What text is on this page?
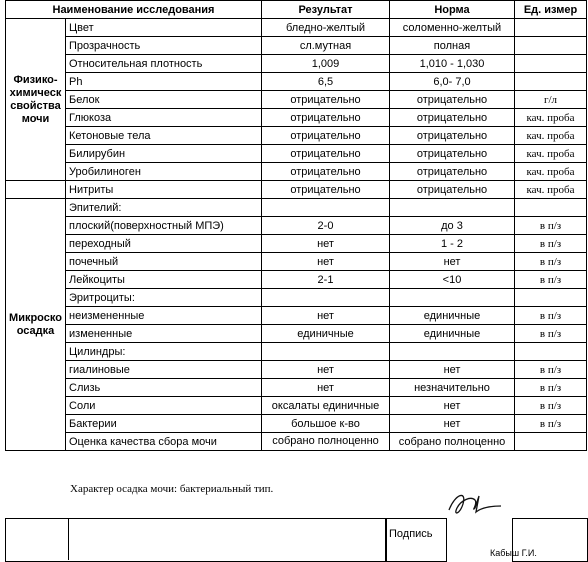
Наименование исследования		Результат	Норма	Ед. измер
Физико-химическ свойства мочи	Цвет	бледно-желтый	соломенно-желтый	
	Прозрачность	сл.мутная	полная	
	Относительная плотность	1,009	1,010 - 1,030	
	Ph	6,5	6,0- 7,0	
	Белок	отрицательно	отрицательно	г/л
	Глюкоза	отрицательно	отрицательно	кач. проба
	Кетоновые тела	отрицательно	отрицательно	кач. проба
	Билирубин	отрицательно	отрицательно	кач. проба
	Уробилиноген	отрицательно	отрицательно	кач. проба
	Нитриты	отрицательно	отрицательно	кач. проба
Микроско осадка	Эпителий:			
	плоский(поверхностный МПЭ)	2-0	до 3	в п/з
	переходный	нет	1 - 2	в п/з
	почечный	нет	нет	в п/з
	Лейкоциты	2-1	<10	в п/з
	Эритроциты:			
	неизмененные	нет	единичные	в п/з
	измененные	единичные	единичные	в п/з
	Цилиндры:			
	гиалиновые	нет	нет	в п/з
	Слизь	нет	незначительно	в п/з
	Соли	оксалаты единичные	нет	в п/з
	Бактерии	большое к-во	нет	в п/з
	Оценка качества сбора мочи	собрано полноценно	собрано полноценно	
Характер осадка мочи: бактериальный тип.
Подпись
Кабыш Г.И.
